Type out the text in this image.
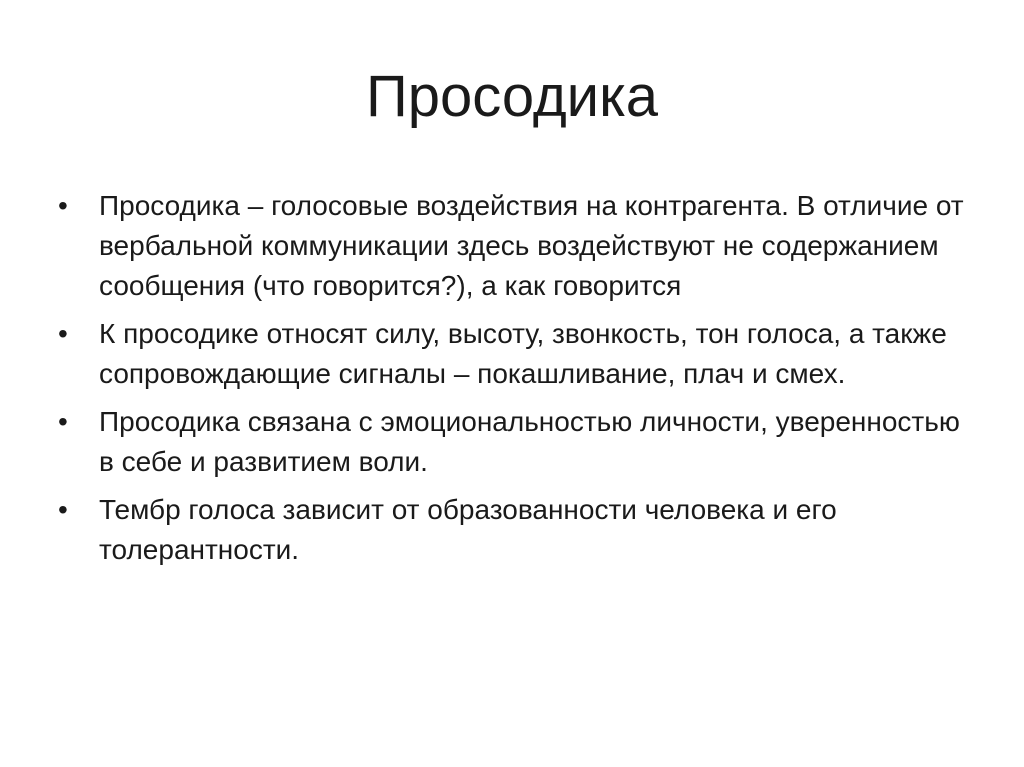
Просодика
•	Просодика – голосовые воздействия на контрагента. В отличие от вербальной коммуникации здесь воздействуют не содержанием сообщения (что говорится?), а как говорится
•	К просодике относят силу, высоту, звонкость, тон голоса, а также сопровождающие сигналы – покашливание, плач и смех.
•	Просодика связана с эмоциональностью личности, уверенностью в себе и развитием воли.
•	Тембр голоса зависит от образованности человека и его толерантности.
